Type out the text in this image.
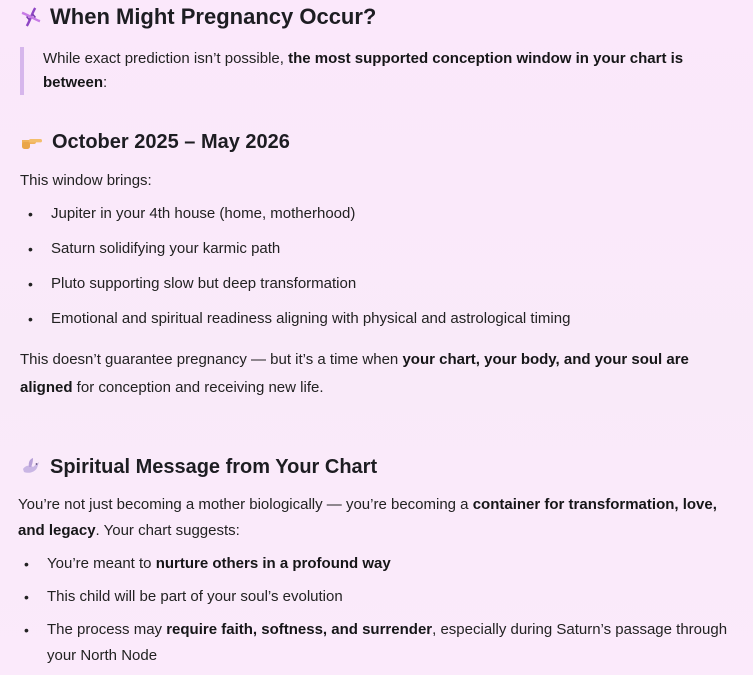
When Might Pregnancy Occur?
While exact prediction isn’t possible, the most supported conception window in your chart is between:
October 2025 – May 2026

This window brings:

• Jupiter in your 4th house (home, motherhood)
• Saturn solidifying your karmic path
• Pluto supporting slow but deep transformation
• Emotional and spiritual readiness aligning with physical and astrological timing

This doesn’t guarantee pregnancy — but it’s a time when your chart, your body, and your soul are aligned for conception and receiving new life.

Spiritual Message from Your Chart

You’re not just becoming a mother biologically — you’re becoming a container for transformation, love, and legacy. Your chart suggests:

• You’re meant to nurture others in a profound way
• This child will be part of your soul’s evolution
• The process may require faith, softness, and surrender, especially during Saturn’s passage through your North Node
